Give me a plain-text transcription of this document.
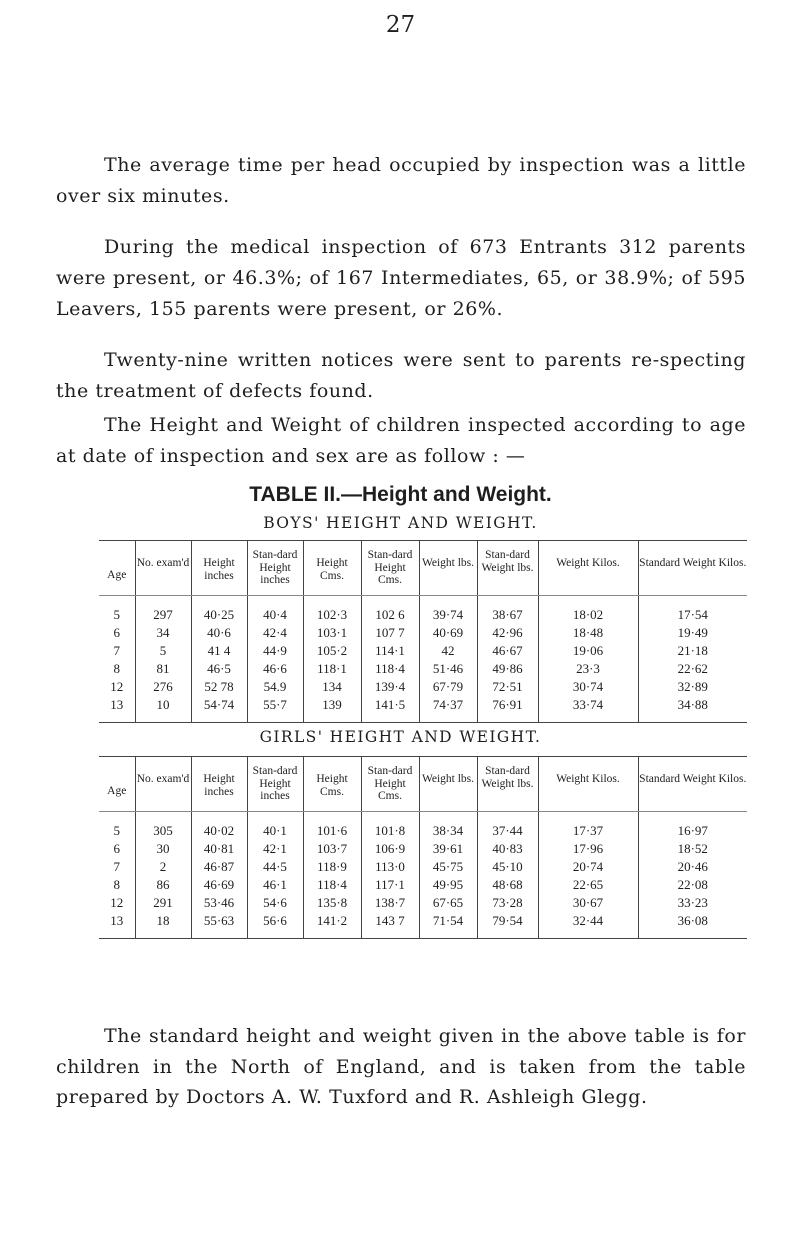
27

The average time per head occupied by inspection was a little over six minutes.

During the medical inspection of 673 Entrants 312 parents were present, or 46.3%; of 167 Intermediates, 65, or 38.9%; of 595 Leavers, 155 parents were present, or 26%.

Twenty-nine written notices were sent to parents re-specting the treatment of defects found.

The Height and Weight of children inspected according to age at date of inspection and sex are as follow : —

TABLE II.—Height and Weight.
BOYS' HEIGHT AND WEIGHT.
Age	No. exam'd	Height inches	Stan-dard Height inches	Height Cms.	Stan-dard Height Cms.	Weight lbs.	Stan-dard Weight lbs.	Weight Kilos.	Standard Weight Kilos.

5	297	40·25	40·4	102·3	102 6	39·74	38·67	18·02	17·54
6	34	40·6	42·4	103·1	107 7	40·69	42·96	18·48	19·49
7	5	41 4	44·9	105·2	114·1	42	46·67	19·06	21·18
8	81	46·5	46·6	118·1	118·4	51·46	49·86	23·3	22·62
12	276	52 78	54.9	134	139·4	67·79	72·51	30·74	32·89
13	10	54·74	55·7	139	141·5	74·37	76·91	33·74	34·88
GIRLS' HEIGHT AND WEIGHT.
Age	No. exam'd	Height inches	Stan-dard Height inches	Height Cms.	Stan-dard Height Cms.	Weight lbs.	Stan-dard Weight lbs.	Weight Kilos.	Standard Weight Kilos.

5	305	40·02	40·1	101·6	101·8	38·34	37·44	17·37	16·97
6	30	40·81	42·1	103·7	106·9	39·61	40·83	17·96	18·52
7	2	46·87	44·5	118·9	113·0	45·75	45·10	20·74	20·46
8	86	46·69	46·1	118·4	117·1	49·95	48·68	22·65	22·08
12	291	53·46	54·6	135·8	138·7	67·65	73·28	30·67	33·23
13	18	55·63	56·6	141·2	143 7	71·54	79·54	32·44	36·08

The standard height and weight given in the above table is for children in the North of England, and is taken from the table prepared by Doctors A. W. Tuxford and R. Ashleigh Glegg.
